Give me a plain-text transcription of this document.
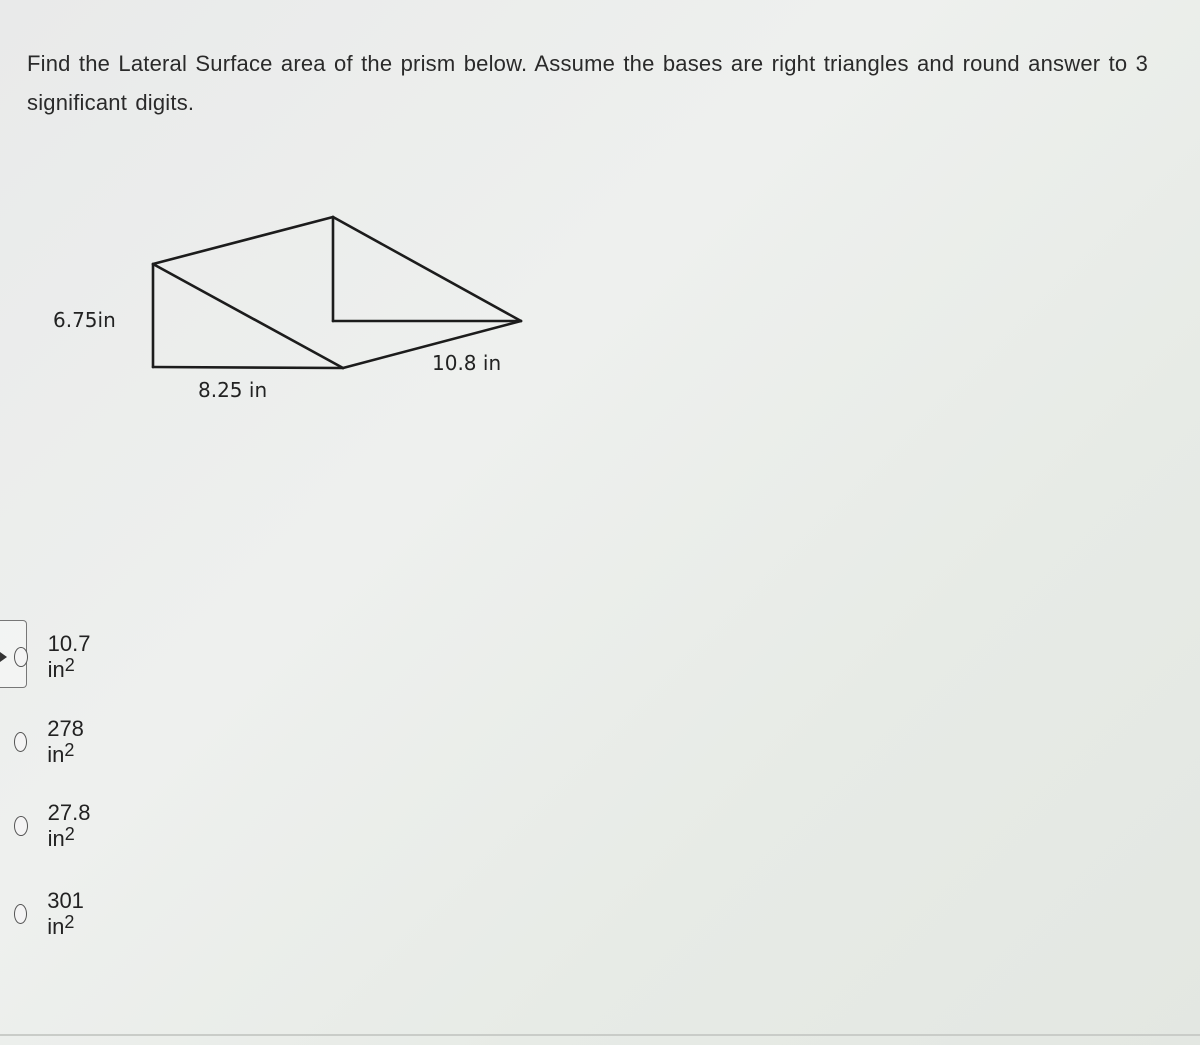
Find the Lateral Surface area of the prism below. Assume the bases are right triangles and round answer to 3 significant digits.
6.75in
8.25 in
10.8 in
10.7 $in^2$
278 $in^2$
27.8 $in^2$
301 $in^2$
